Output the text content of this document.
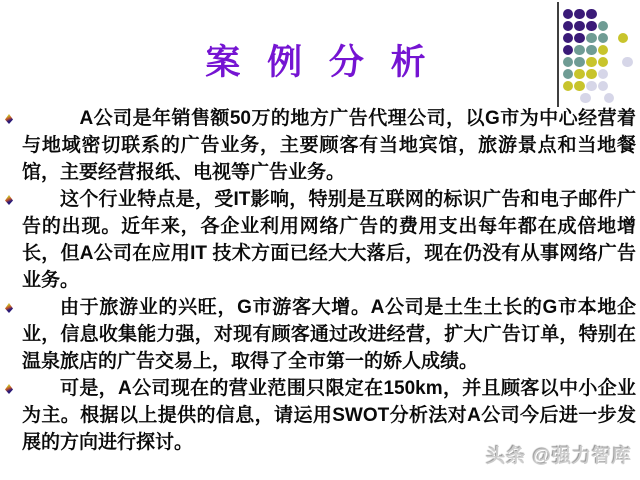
案 例 分 析

　A公司是年销售额50万的地方广告代理公司，以G市为中心经营着与地域密切联系的广告业务，主要顾客有当地宾馆，旅游景点和当地餐馆，主要经营报纸、电视等广告业务。

这个行业特点是，受IT影响，特别是互联网的标识广告和电子邮件广告的出现。近年来，各企业利用网络广告的费用支出每年都在成倍地增长，但A公司在应用IT 技术方面已经大大落后，现在仍没有从事网络广告业务。

由于旅游业的兴旺，G市游客大增。A公司是土生土长的G市本地企业，信息收集能力强，对现有顾客通过改进经营，扩大广告订单，特别在温泉旅店的广告交易上，取得了全市第一的娇人成绩。

可是，A公司现在的营业范围只限定在150km，并且顾客以中小企业为主。根据以上提供的信息，请运用SWOT分析法对A公司今后进一步发展的方向进行探讨。

头条 @强力智库
